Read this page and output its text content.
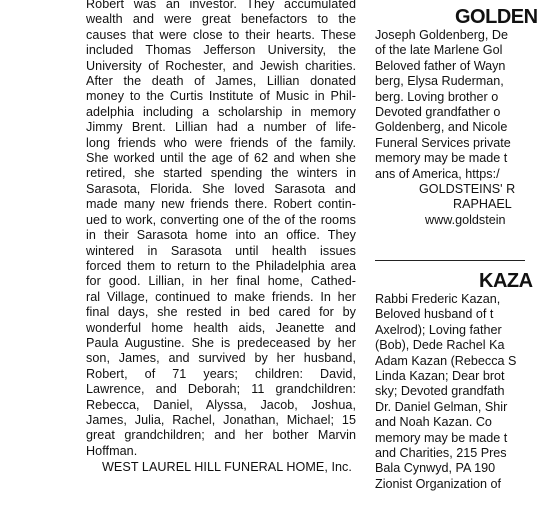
Robert was an investor. They accumulated
wealth and were great benefactors to the
causes that were close to their hearts. These
included Thomas Jefferson University, the
University of Rochester, and Jewish charities.
After the death of James, Lillian donated
money to the Curtis Institute of Music in Phil-
adelphia including a scholarship in memory
Jimmy Brent. Lillian had a number of life-
long friends who were friends of the family.
She worked until the age of 62 and when she
retired, she started spending the winters in
Sarasota, Florida. She loved Sarasota and
made many new friends there. Robert contin-
ued to work, converting one of the of the rooms
in their Sarasota home into an office. They
wintered in Sarasota until health issues
forced them to return to the Philadelphia area
for good. Lillian, in her final home, Cathed-
ral Village, continued to make friends. In her
final days, she rested in bed cared for by
wonderful home health aids, Jeanette and
Paula Augustine. She is predeceased by her
son, James, and survived by her husband,
Robert, of 71 years; children: David,
Lawrence, and Deborah; 11 grandchildren:
Rebecca, Daniel, Alyssa, Jacob, Joshua,
James, Julia, Rachel, Jonathan, Michael; 15
great grandchildren; and her bother Marvin
Hoffman.
WEST LAUREL HILL FUNERAL HOME, Inc.
GOLDEN
Joseph Goldenberg, De
of the late Marlene Gol
Beloved father of Wayn
berg, Elysa Ruderman,
berg. Loving brother o
Devoted grandfather o
Goldenberg, and Nicole
Funeral Services private
memory may be made t
ans of America, https:/
GOLDSTEINS' R
RAPHAEL
www.goldstein
KAZA
Rabbi Frederic Kazan,
Beloved husband of t
Axelrod); Loving father
(Bob), Dede Rachel Ka
Adam Kazan (Rebecca S
Linda Kazan; Dear brot
sky; Devoted grandfath
Dr. Daniel Gelman, Shir
and Noah Kazan. Co
memory may be made t
and Charities, 215 Pres
Bala Cynwyd, PA 190
Zionist Organization of
